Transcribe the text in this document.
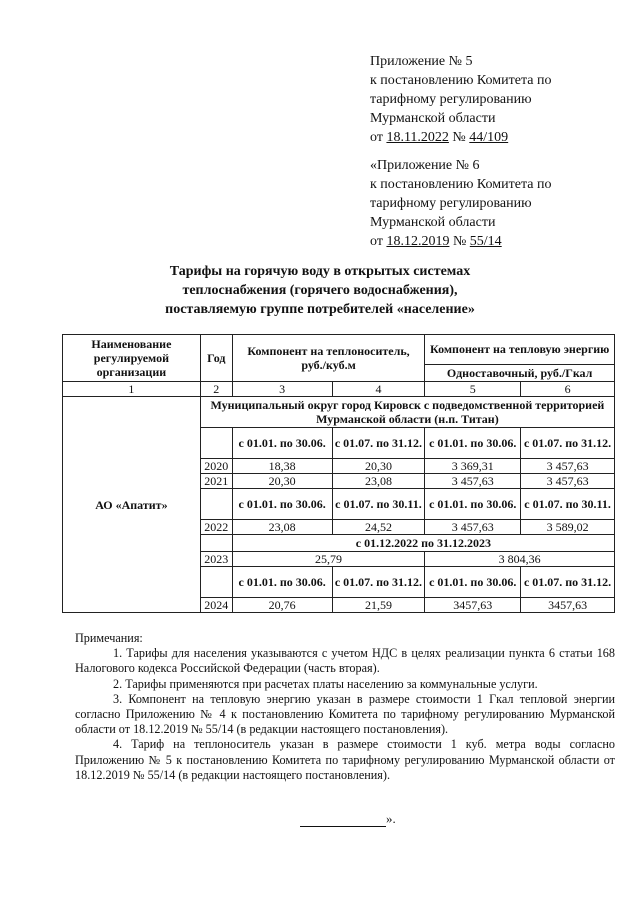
Приложение № 5
к постановлению Комитета по
тарифному регулированию
Мурманской области
от 18.11.2022 № 44/109
«Приложение № 6
к постановлению Комитета по
тарифному регулированию
Мурманской области
от 18.12.2019 № 55/14
Тарифы на горячую воду в открытых системах
теплоснабжения (горячего водоснабжения),
поставляемую группе потребителей «население»
Наименование регулируемой организации	Год	Компонент на теплоноситель, руб./куб.м		Компонент на тепловую энергию	
				Одноставочный, руб./Гкал	
1	2	3	4	5	6
АО «Апатит»	Муниципальный округ город Кировск с подведомственной территорией Мурманской области (н.п. Титан)				
		с 01.01. по 30.06.	с 01.07. по 31.12.	с 01.01. по 30.06.	с 01.07. по 31.12.
	2020	18,38	20,30	3 369,31	3 457,63
	2021	20,30	23,08	3 457,63	3 457,63
		с 01.01. по 30.06.	с 01.07. по 30.11.	с 01.01. по 30.06.	с 01.07. по 30.11.
	2022	23,08	24,52	3 457,63	3 589,02
		с 01.12.2022 по 31.12.2023			
	2023	25,79		3 804,36	
		с 01.01. по 30.06.	с 01.07. по 31.12.	с 01.01. по 30.06.	с 01.07. по 31.12.
	2024	20,76	21,59	3457,63	3457,63

Примечания:

1. Тарифы для населения указываются с учетом НДС в целях реализации пункта 6 статьи 168 Налогового кодекса Российской Федерации (часть вторая).

2. Тарифы применяются при расчетах платы населению за коммунальные услуги.

3. Компонент на тепловую энергию указан в размере стоимости 1 Гкал тепловой энергии согласно Приложению № 4 к постановлению Комитета по тарифному регулированию Мурманской области от 18.12.2019 № 55/14 (в редакции настоящего постановления).

4. Тариф на теплоноситель указан в размере стоимости 1 куб. метра воды согласно Приложению № 5 к постановлению Комитета по тарифному регулированию Мурманской области от 18.12.2019 № 55/14 (в редакции настоящего постановления).

».
